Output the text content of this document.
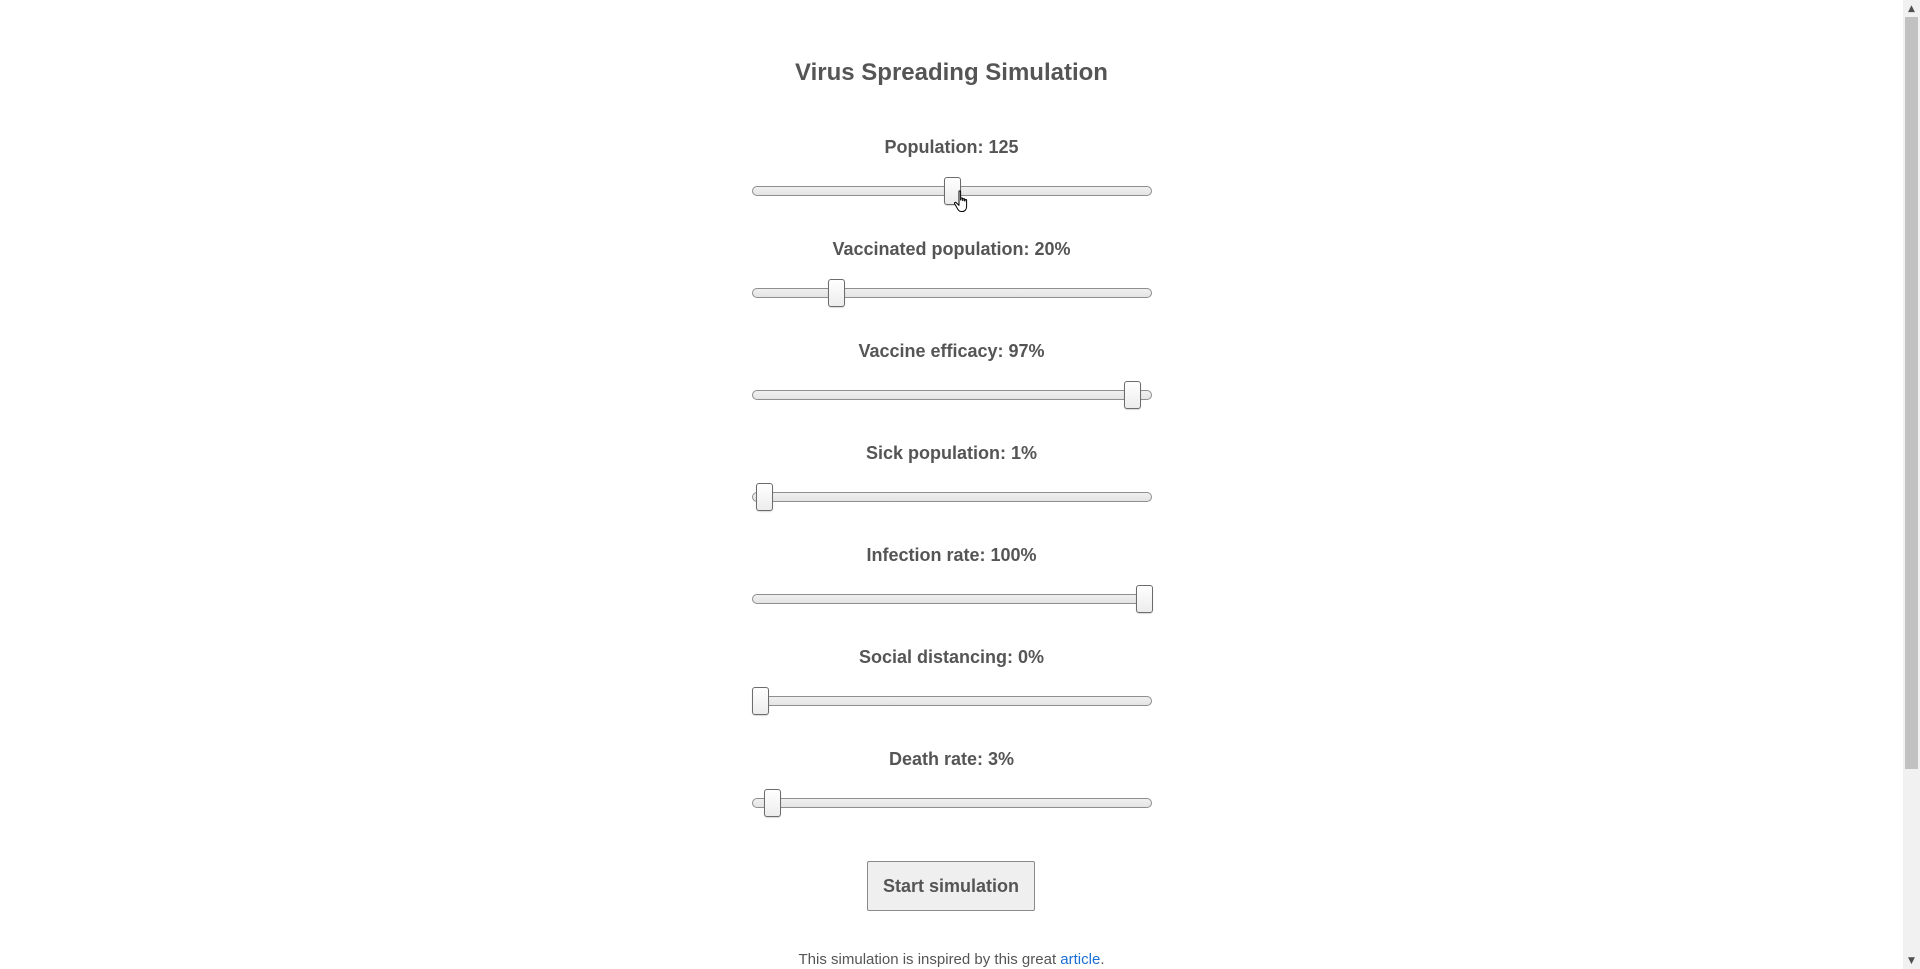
Virus Spreading Simulation
Population: 125
Vaccinated population: 20%
Vaccine efficacy: 97%
Sick population: 1%
Infection rate: 100%
Social distancing: 0%
Death rate: 3%
Start simulation
This simulation is inspired by this great article.
▲
▼
